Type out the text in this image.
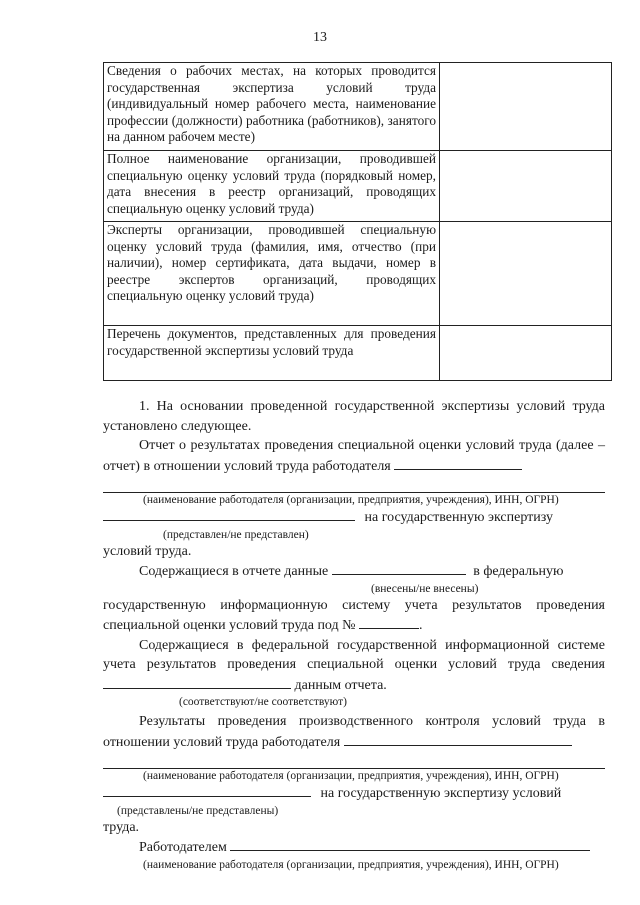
13
Сведения о рабочих местах, на которых проводится государственная экспертиза условий труда (индивидуальный номер рабочего места, наименование профессии (должности) работника (работников), занятого на данном рабочем месте)	
Полное наименование организации, проводившей специальную оценку условий труда (порядковый номер, дата внесения в реестр организаций, проводящих специальную оценку условий труда)	
Эксперты организации, проводившей специальную оценку условий труда (фамилия, имя, отчество (при наличии), номер сертификата, дата выдачи, номер в реестре экспертов организаций, проводящих специальную оценку условий труда)	
Перечень документов, представленных для проведения государственной экспертизы условий труда	

1. На основании проведенной государственной экспертизы условий труда установлено следующее.

Отчет о результатах проведения специальной оценки условий труда (далее – отчет) в отношении условий труда работодателя

(наименование работодателя (организации, предприятия, учреждения), ИНН, ОГРН)

на государственную экспертизу

(представлен/не представлен)

условий труда.

Содержащиеся в отчете данные	в федеральную

(внесены/не внесены)

государственную информационную систему учета результатов проведения специальной оценки условий труда под №	.

Содержащиеся в федеральной государственной информационной системе учета результатов проведения специальной оценки условий труда сведения  данным отчета.

(соответствуют/не соответствуют)

Результаты проведения производственного контроля условий труда в отношении условий труда работодателя

(наименование работодателя (организации, предприятия, учреждения), ИНН, ОГРН)

на государственную экспертизу условий

(представлены/не представлены)

труда.

Работодателем

(наименование работодателя (организации, предприятия, учреждения), ИНН, ОГРН)
